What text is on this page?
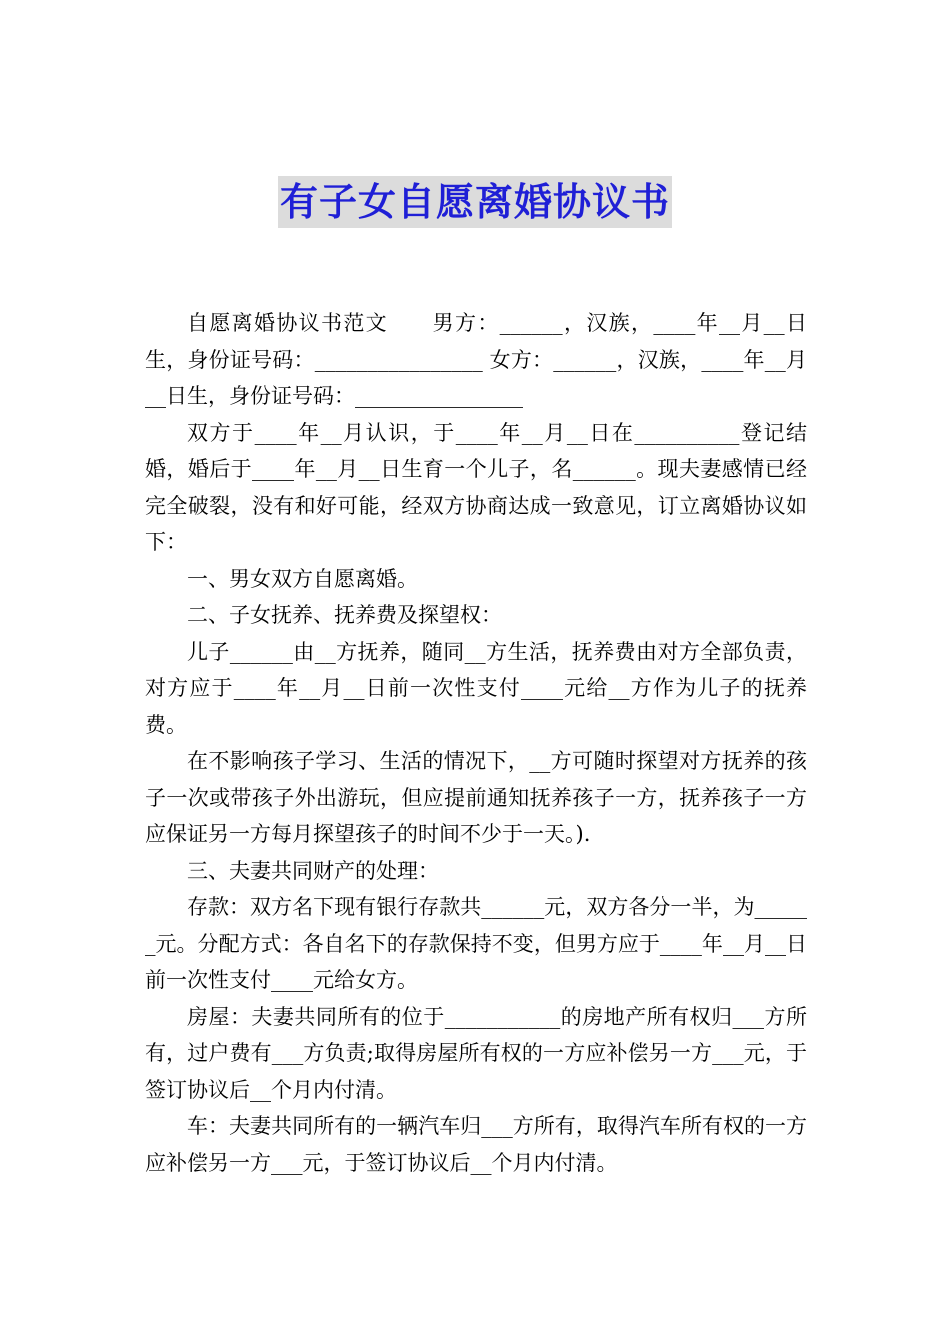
有子女自愿离婚协议书

自愿离婚协议书范文　　男方：______，汉族，____年__月__日生，身份证号码：________________ 女方：______，汉族，____年__月__日生，身份证号码：________________

双方于____年__月认识，于____年__月__日在__________登记结婚，婚后于____年__月__日生育一个儿子，名______。现夫妻感情已经完全破裂，没有和好可能，经双方协商达成一致意见，订立离婚协议如下：

一、男女双方自愿离婚。

二、子女抚养、抚养费及探望权：

儿子______由__方抚养，随同__方生活，抚养费由对方全部负责，对方应于____年__月__日前一次性支付____元给__方作为儿子的抚养费。

在不影响孩子学习、生活的情况下，__方可随时探望对方抚养的孩子一次或带孩子外出游玩，但应提前通知抚养孩子一方，抚养孩子一方应保证另一方每月探望孩子的时间不少于一天。).

三、夫妻共同财产的处理：

存款：双方名下现有银行存款共______元，双方各分一半，为______元。分配方式：各自名下的存款保持不变，但男方应于____年__月__日前一次性支付____元给女方。

房屋：夫妻共同所有的位于___________的房地产所有权归___方所有，过户费有___方负责;取得房屋所有权的一方应补偿另一方___元，于签订协议后__个月内付清。

车：夫妻共同所有的一辆汽车归___方所有，取得汽车所有权的一方应补偿另一方___元，于签订协议后__个月内付清。
